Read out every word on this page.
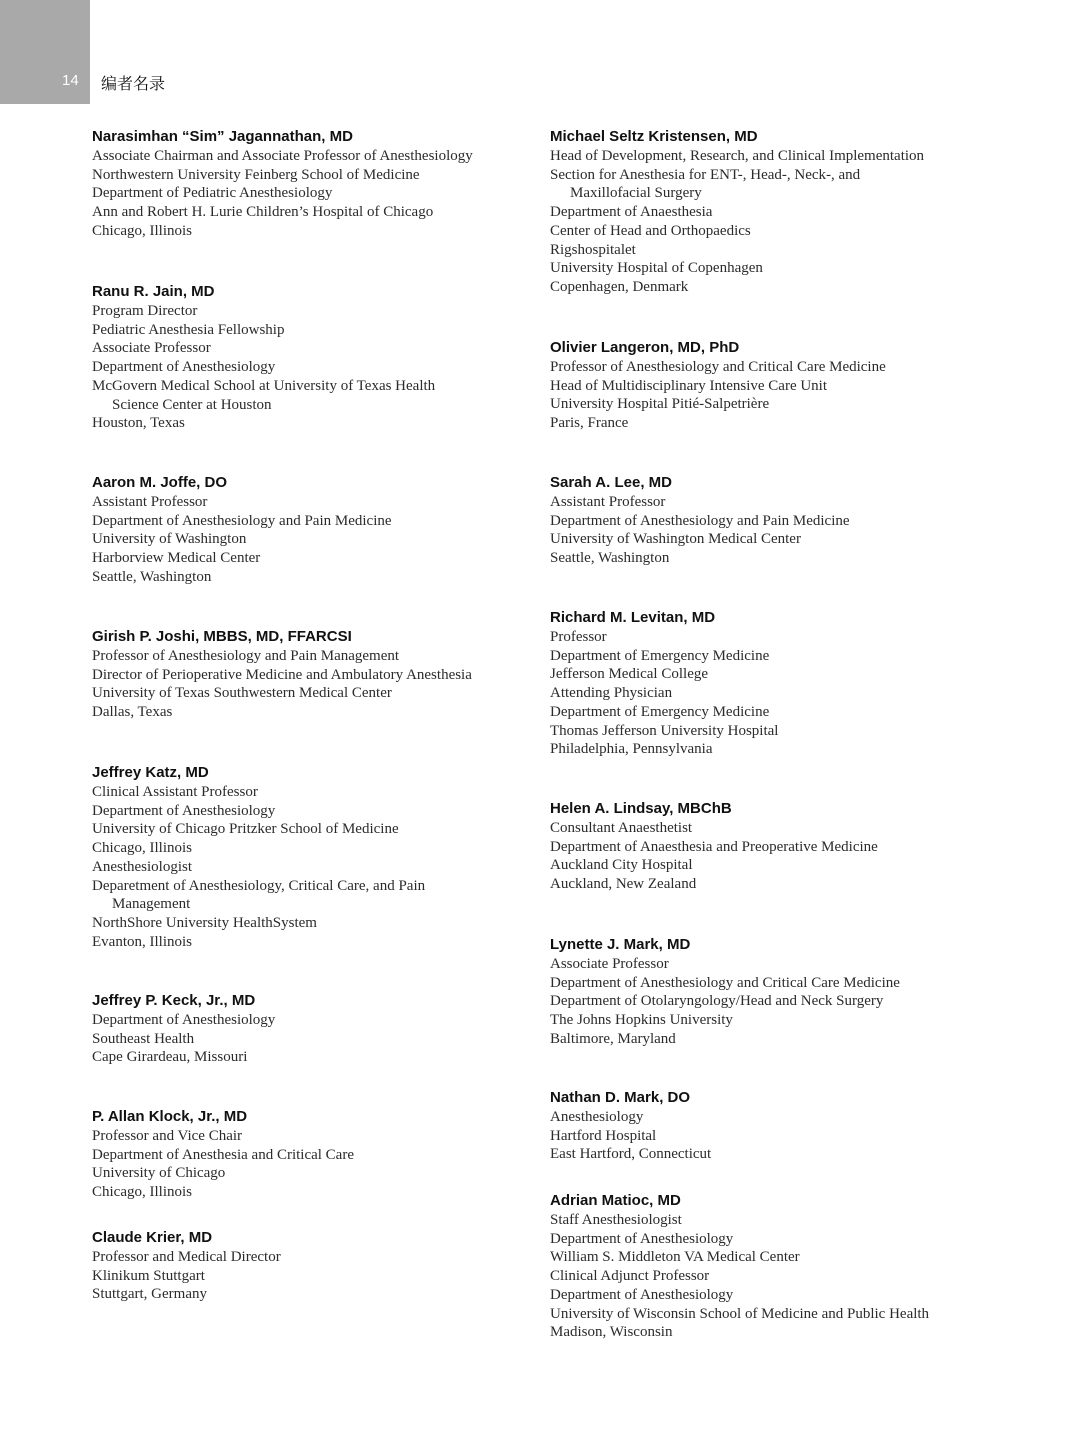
14 编者名录
Narasimhan “Sim” Jagannathan, MD
Associate Chairman and Associate Professor of Anesthesiology
Northwestern University Feinberg School of Medicine
Department of Pediatric Anesthesiology
Ann and Robert H. Lurie Children’s Hospital of Chicago
Chicago, Illinois
Ranu R. Jain, MD
Program Director
Pediatric Anesthesia Fellowship
Associate Professor
Department of Anesthesiology
McGovern Medical School at University of Texas Health
Science Center at Houston
Houston, Texas
Aaron M. Joffe, DO
Assistant Professor
Department of Anesthesiology and Pain Medicine
University of Washington
Harborview Medical Center
Seattle, Washington
Girish P. Joshi, MBBS, MD, FFARCSI
Professor of Anesthesiology and Pain Management
Director of Perioperative Medicine and Ambulatory Anesthesia
University of Texas Southwestern Medical Center
Dallas, Texas
Jeffrey Katz, MD
Clinical Assistant Professor
Department of Anesthesiology
University of Chicago Pritzker School of Medicine
Chicago, Illinois
Anesthesiologist
Deparetment of Anesthesiology, Critical Care, and Pain
Management
NorthShore University HealthSystem
Evanton, Illinois
Jeffrey P. Keck, Jr., MD
Department of Anesthesiology
Southeast Health
Cape Girardeau, Missouri
P. Allan Klock, Jr., MD
Professor and Vice Chair
Department of Anesthesia and Critical Care
University of Chicago
Chicago, Illinois
Claude Krier, MD
Professor and Medical Director
Klinikum Stuttgart
Stuttgart, Germany
Michael Seltz Kristensen, MD
Head of Development, Research, and Clinical Implementation
Section for Anesthesia for ENT-, Head-, Neck-, and
Maxillofacial Surgery
Department of Anaesthesia
Center of Head and Orthopaedics
Rigshospitalet
University Hospital of Copenhagen
Copenhagen, Denmark
Olivier Langeron, MD, PhD
Professor of Anesthesiology and Critical Care Medicine
Head of Multidisciplinary Intensive Care Unit
University Hospital Pitié-Salpetrière
Paris, France
Sarah A. Lee, MD
Assistant Professor
Department of Anesthesiology and Pain Medicine
University of Washington Medical Center
Seattle, Washington
Richard M. Levitan, MD
Professor
Department of Emergency Medicine
Jefferson Medical College
Attending Physician
Department of Emergency Medicine
Thomas Jefferson University Hospital
Philadelphia, Pennsylvania
Helen A. Lindsay, MBChB
Consultant Anaesthetist
Department of Anaesthesia and Preoperative Medicine
Auckland City Hospital
Auckland, New Zealand
Lynette J. Mark, MD
Associate Professor
Department of Anesthesiology and Critical Care Medicine
Department of Otolaryngology/Head and Neck Surgery
The Johns Hopkins University
Baltimore, Maryland
Nathan D. Mark, DO
Anesthesiology
Hartford Hospital
East Hartford, Connecticut
Adrian Matioc, MD
Staff Anesthesiologist
Department of Anesthesiology
William S. Middleton VA Medical Center
Clinical Adjunct Professor
Department of Anesthesiology
University of Wisconsin School of Medicine and Public Health
Madison, Wisconsin
